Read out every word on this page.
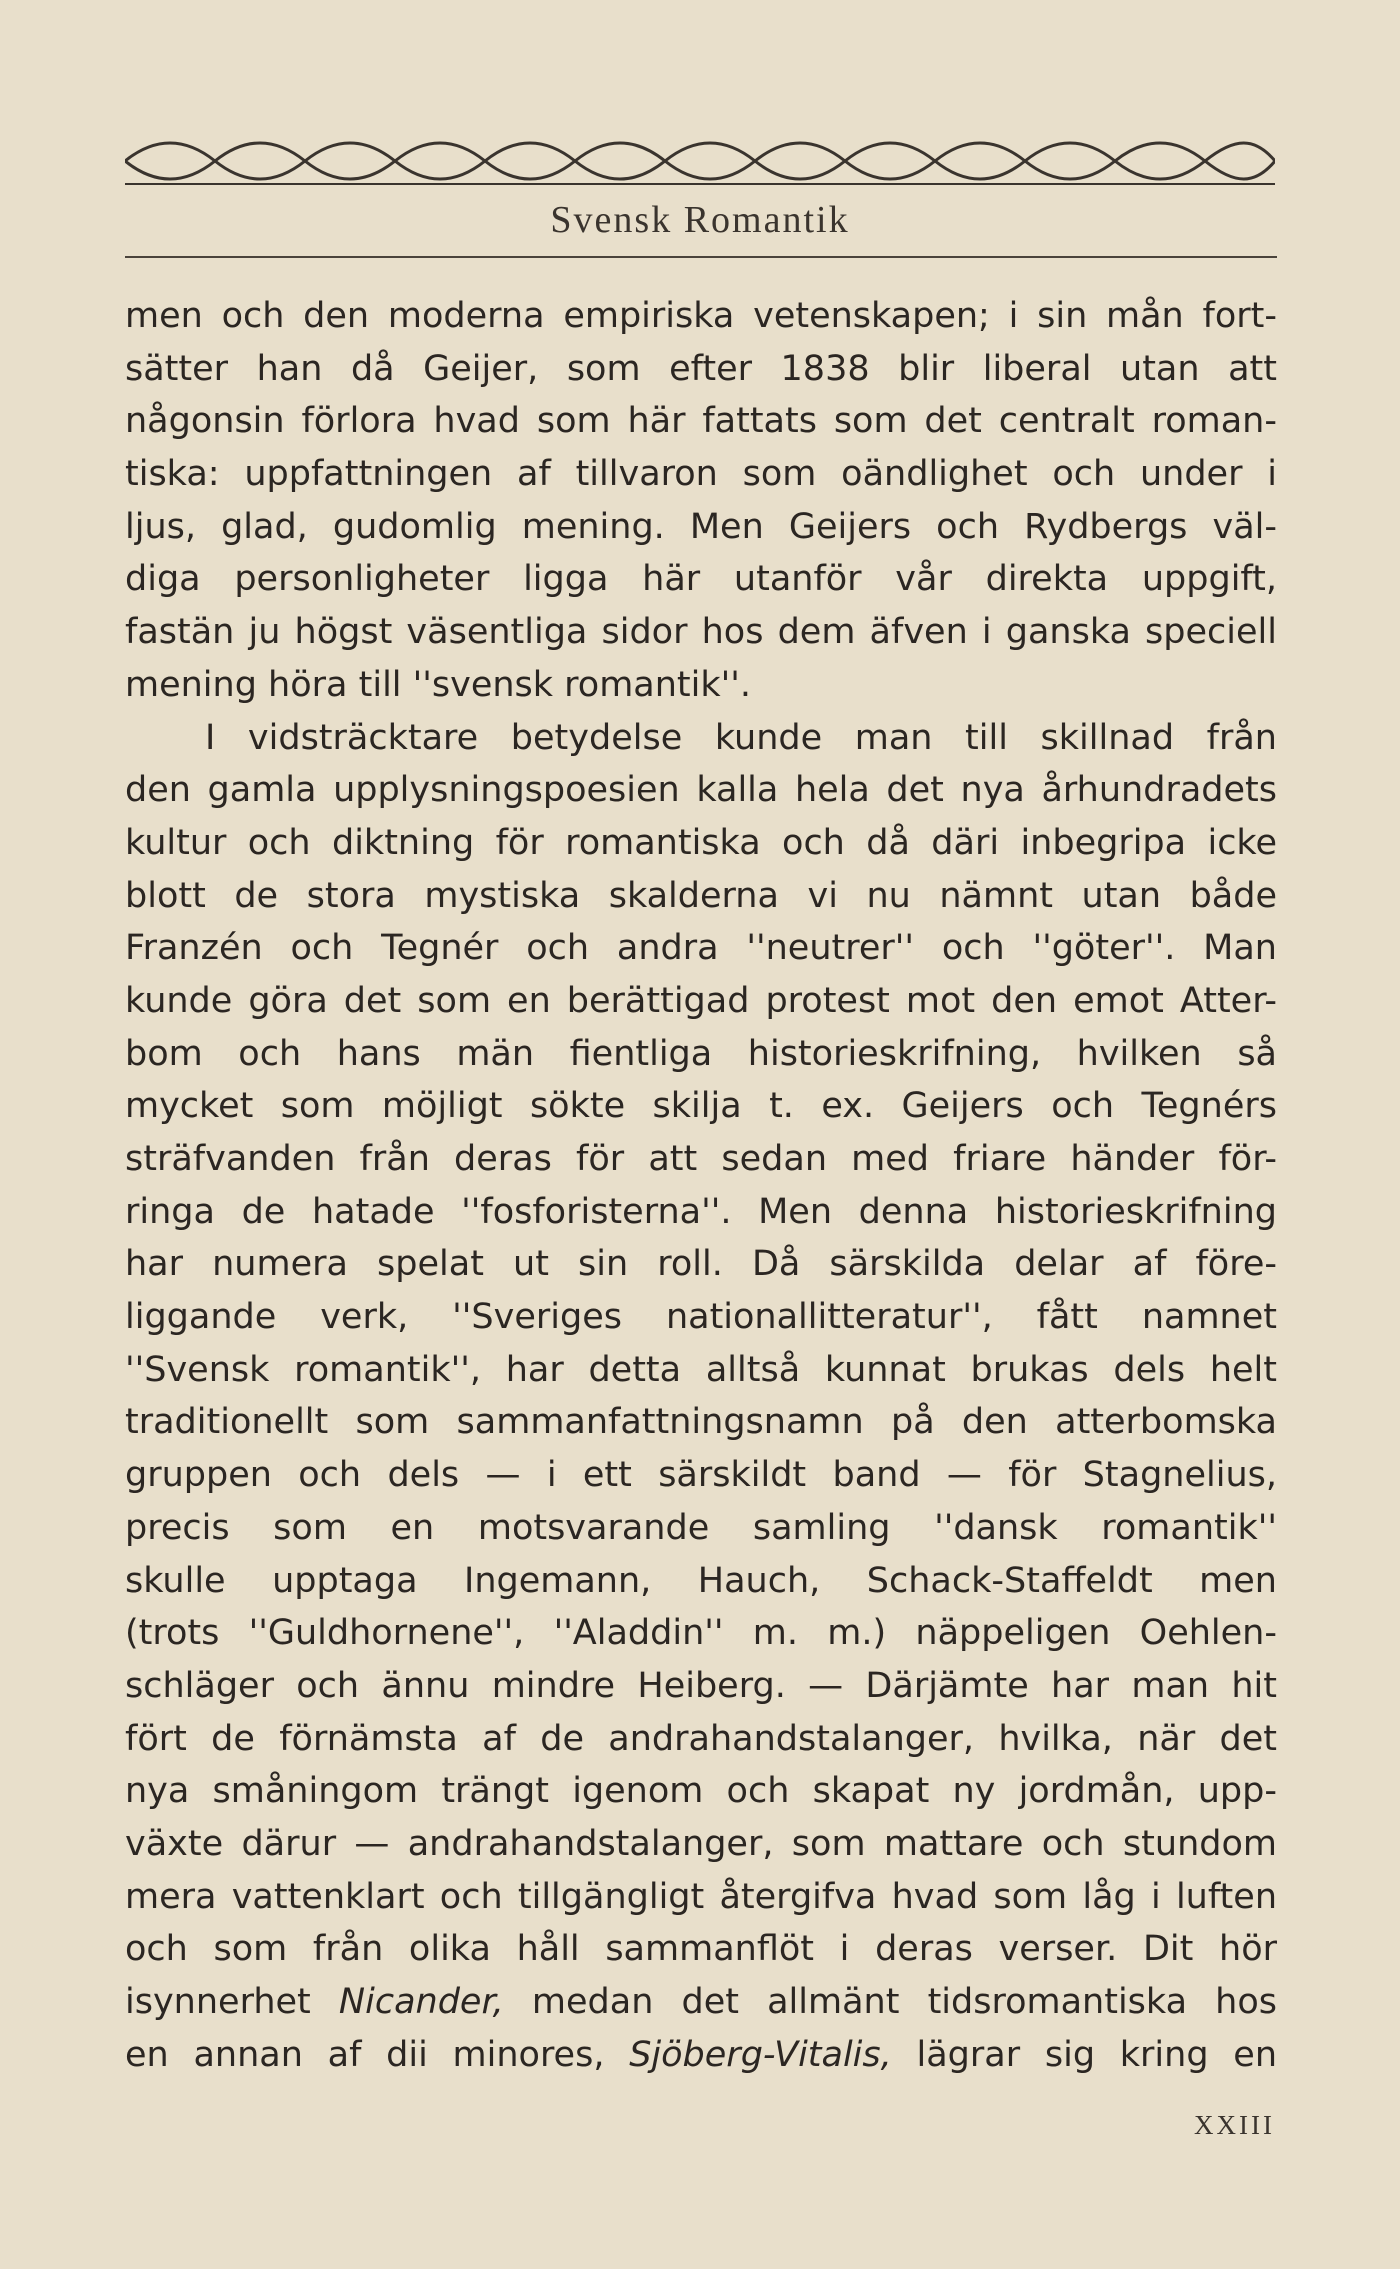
Svensk Romantik
men och den moderna empiriska vetenskapen; i sin mån fort-
sätter han då Geijer, som efter 1838 blir liberal utan att
någonsin förlora hvad som här fattats som det centralt roman-
tiska: uppfattningen af tillvaron som oändlighet och under i
ljus, glad, gudomlig mening. Men Geijers och Rydbergs väl-
diga personligheter ligga här utanför vår direkta uppgift,
fastän ju högst väsentliga sidor hos dem äfven i ganska speciell
mening höra till ''svensk romantik''.
I vidsträcktare betydelse kunde man till skillnad från
den gamla upplysningspoesien kalla hela det nya århundradets
kultur och diktning för romantiska och då däri inbegripa icke
blott de stora mystiska skalderna vi nu nämnt utan både
Franzén och Tegnér och andra ''neutrer'' och ''göter''. Man
kunde göra det som en berättigad protest mot den emot Atter-
bom och hans män fientliga historieskrifning, hvilken så
mycket som möjligt sökte skilja t. ex. Geijers och Tegnérs
sträfvanden från deras för att sedan med friare händer för-
ringa de hatade ''fosforisterna''. Men denna historieskrifning
har numera spelat ut sin roll. Då särskilda delar af före-
liggande verk, ''Sveriges nationallitteratur'', fått namnet
''Svensk romantik'', har detta alltså kunnat brukas dels helt
traditionellt som sammanfattningsnamn på den atterbomska
gruppen och dels — i ett särskildt band — för Stagnelius,
precis som en motsvarande samling ''dansk romantik''
skulle upptaga Ingemann, Hauch, Schack-Staffeldt men
(trots ''Guldhornene'', ''Aladdin'' m. m.) näppeligen Oehlen-
schläger och ännu mindre Heiberg. — Därjämte har man hit
fört de förnämsta af de andrahandstalanger, hvilka, när det
nya småningom trängt igenom och skapat ny jordmån, upp-
växte därur — andrahandstalanger, som mattare och stundom
mera vattenklart och tillgängligt återgifva hvad som låg i luften
och som från olika håll sammanflöt i deras verser. Dit hör
isynnerhet Nicander, medan det allmänt tidsromantiska hos
en annan af dii minores, Sjöberg-Vitalis, lägrar sig kring en
XXIII
